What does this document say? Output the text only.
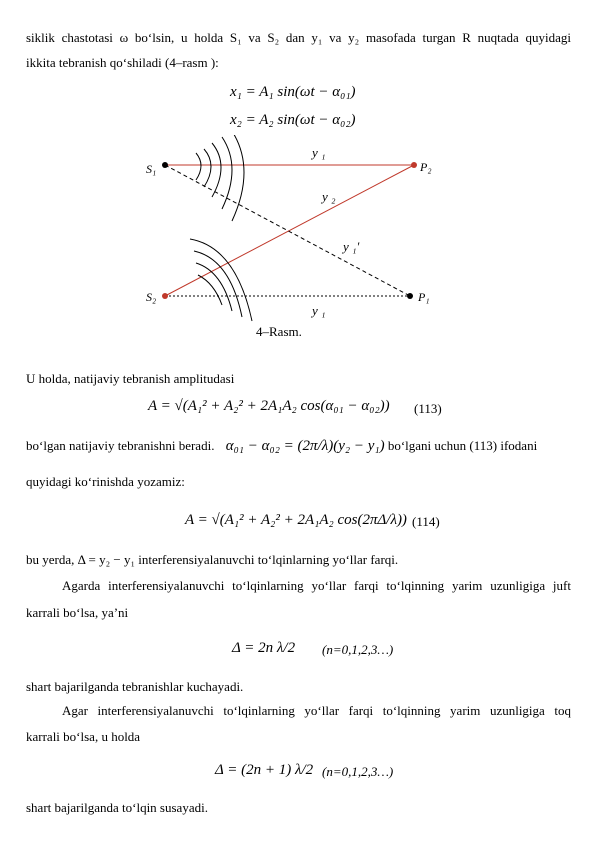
siklik chastotasi ω bo‘lsin, u holda S₁ va S₂ dan y₁ va y₂ masofada turgan R nuqtada quyidagi
ikkita tebranish qo‘shiladi (4–rasm ):
x₁ = A₁ sin(ωt − α₀₁)
x₂ = A₂ sin(ωt − α₀₂)
S₁
S₂
P₂
P₁
y ₁
y ₂
y ₁′
y ₁
4–Rasm.
U holda, natijaviy tebranish amplitudasi
A = √(A₁² + A₂² + 2A₁A₂ cos(α₀₁ − α₀₂)) (113)
bo‘lgan natijaviy tebranishni beradi. α₀₁ − α₀₂ = (2π/λ)(y₂ − y₁) bo‘lgani uchun (113) ifodani
quyidagi ko‘rinishda yozamiz:
A = √(A₁² + A₂² + 2A₁A₂ cos(2πΔ/λ)) (114)
bu yerda, Δ = y₂ − y₁ interferensiyalanuvchi to‘lqinlarning yo‘llar farqi.
Agarda interferensiyalanuvchi to‘lqinlarning yo‘llar farqi to‘lqinning yarim uzunligiga juft
karrali bo‘lsa, ya’ni
Δ = 2n λ/2 (n=0,1,2,3…)
shart bajarilganda tebranishlar kuchayadi.
Agar interferensiyalanuvchi to‘lqinlarning yo‘llar farqi to‘lqinning yarim uzunligiga toq
karrali bo‘lsa, u holda
Δ = (2n + 1) λ/2 (n=0,1,2,3…)
shart bajarilganda to‘lqin susayadi.
